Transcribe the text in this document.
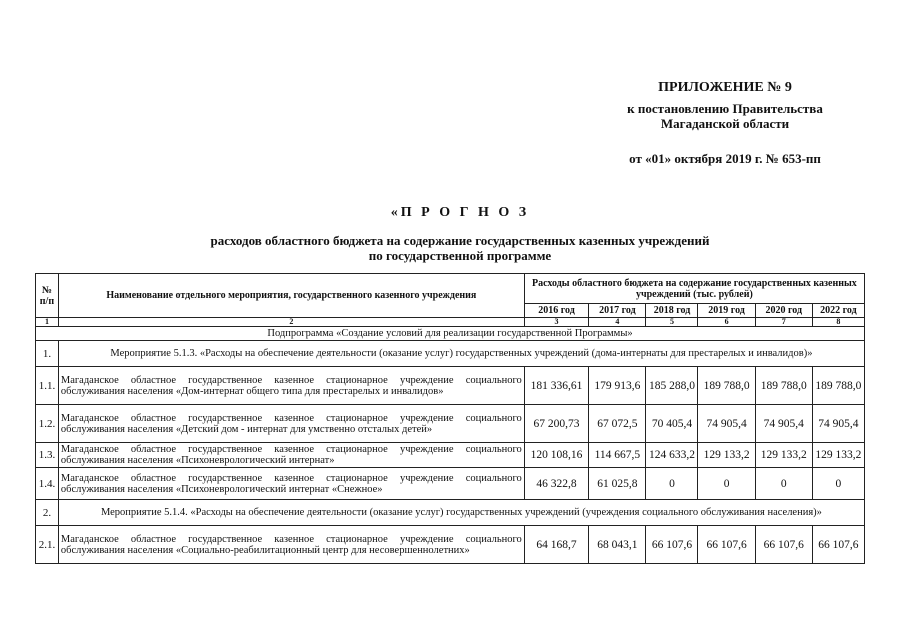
ПРИЛОЖЕНИЕ № 9
к постановлению Правительства
Магаданской области
от «01» октября 2019 г. № 653-пп
«П Р О Г Н О З
расходов областного бюджета на содержание государственных казенных учреждений
по государственной программе
№ п/п	Наименование отдельного мероприятия, государственного казенного учреждения	Расходы областного бюджета на содержание государственных казенных учреждений (тыс. рублей)					
		2016 год	2017 год	2018 год	2019 год	2020 год	2022 год
1	2	3	4	5	6	7	8
Подпрограмма «Создание условий для реализации государственной Программы»							
1.	Мероприятие 5.1.3. «Расходы на обеспечение деятельности (оказание услуг) государственных учреждений (дома-интернаты для престарелых и инвалидов)»						
1.1.	Магаданское областное государственное казенное стационарное учреждение социального обслуживания населения «Дом-интернат общего типа для престарелых и инвалидов»	181 336,61	179 913,6	185 288,0	189 788,0	189 788,0	189 788,0
1.2.	Магаданское областное государственное казенное стационарное учреждение социального обслуживания населения «Детский дом - интернат для умственно отсталых детей»	67 200,73	67 072,5	70 405,4	74 905,4	74 905,4	74 905,4
1.3.	Магаданское областное государственное казенное стационарное учреждение социального обслуживания населения «Психоневрологический интернат»	120 108,16	114 667,5	124 633,2	129 133,2	129 133,2	129 133,2
1.4.	Магаданское областное государственное казенное стационарное учреждение социального обслуживания населения «Психоневрологический интернат «Снежное»	46 322,8	61 025,8	0	0	0	0
2.	Мероприятие 5.1.4. «Расходы на обеспечение деятельности (оказание услуг) государственных учреждений (учреждения социального обслуживания населения)»						
2.1.	Магаданское областное государственное казенное стационарное учреждение социального обслуживания населения «Социально-реабилитационный центр для несовершеннолетних»	64 168,7	68 043,1	66 107,6	66 107,6	66 107,6	66 107,6
